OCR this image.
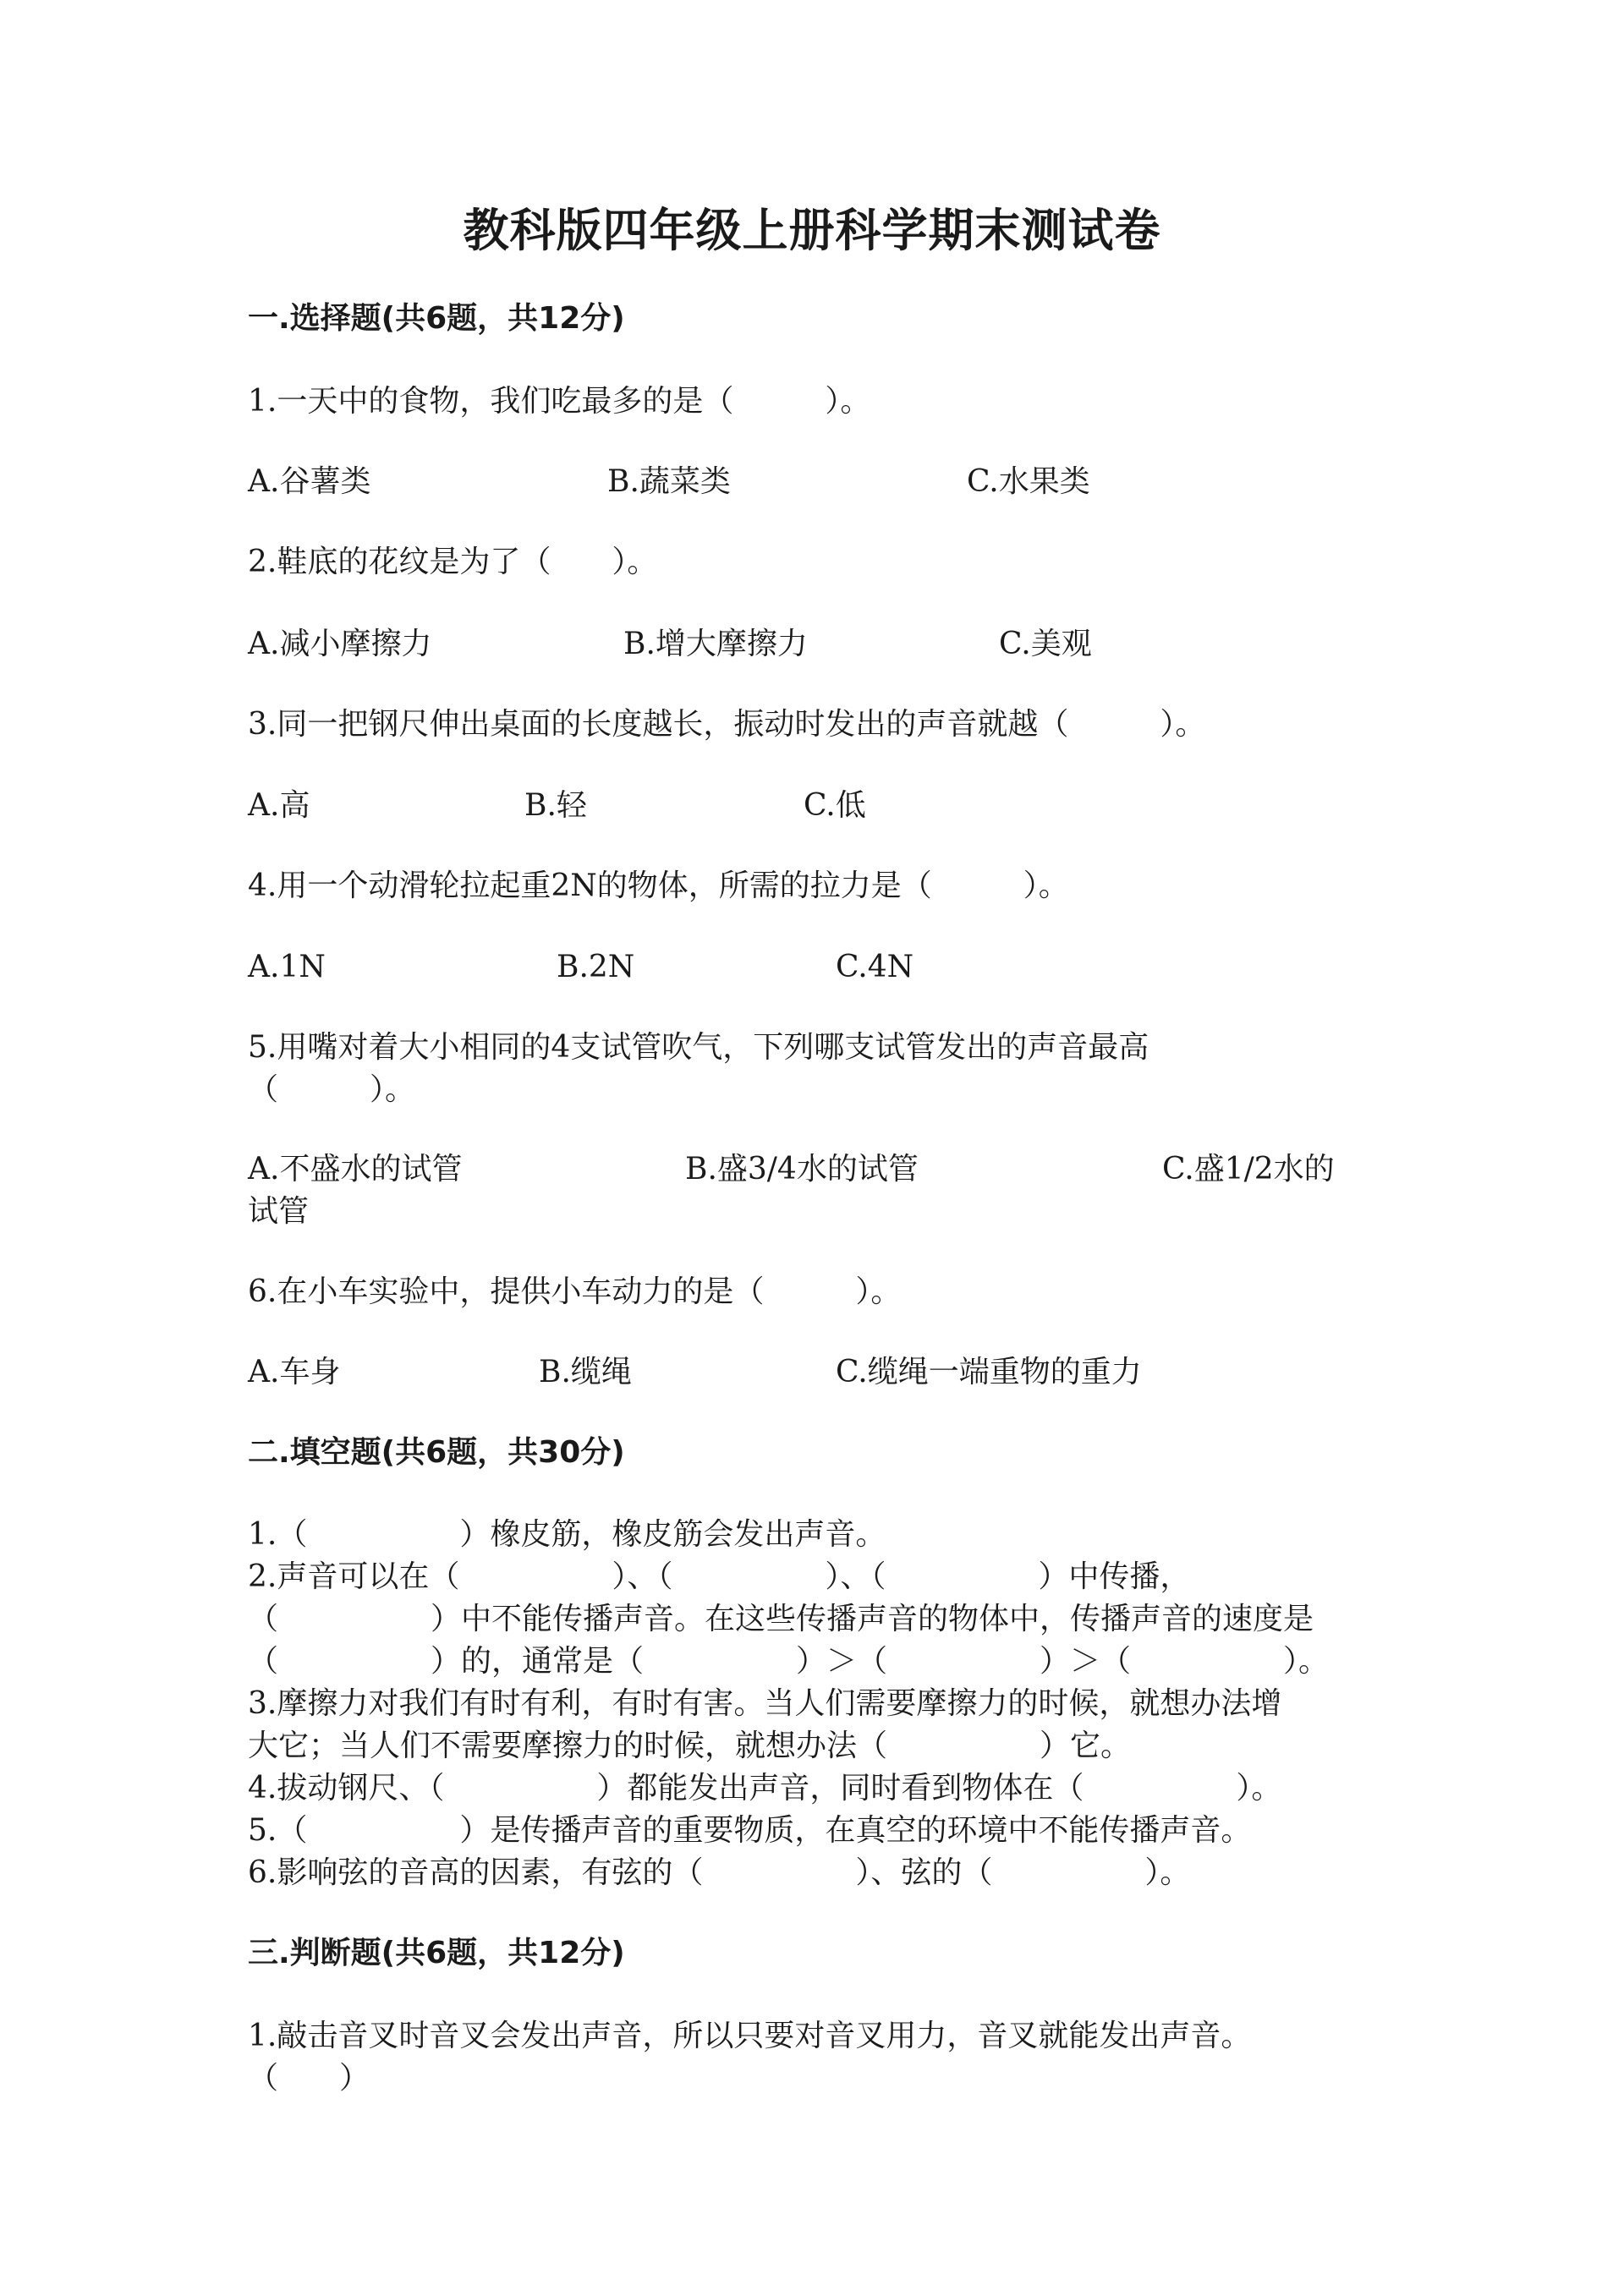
教科版四年级上册科学期末测试卷
一.选择题(共6题，共12分)
1.一天中的食物，我们吃最多的是（　　　）。
A.谷薯类	B.蔬菜类	C.水果类
2.鞋底的花纹是为了（　　）。
A.减小摩擦力	B.增大摩擦力	C.美观
3.同一把钢尺伸出桌面的长度越长，振动时发出的声音就越（　　　）。
A.高	B.轻	C.低
4.用一个动滑轮拉起重2N的物体，所需的拉力是（　　　）。
A.1N	B.2N	C.4N
5.用嘴对着大小相同的4支试管吹气，下列哪支试管发出的声音最高
（　　　）。
A.不盛水的试管	B.盛3/4水的试管	C.盛1/2水的
试管
6.在小车实验中，提供小车动力的是（　　　）。
A.车身	B.缆绳	C.缆绳一端重物的重力
二.填空题(共6题，共30分)
1.（　　　　　）橡皮筋，橡皮筋会发出声音。
2.声音可以在（　　　　　）、（　　　　　）、（　　　　　）中传播，
（　　　　　）中不能传播声音。在这些传播声音的物体中，传播声音的速度是
（　　　　　）的，通常是（　　　　　）＞（　　　　　）＞（　　　　　）。
3.摩擦力对我们有时有利，有时有害。当人们需要摩擦力的时候，就想办法增
大它；当人们不需要摩擦力的时候，就想办法（　　　　　）它。
4.拔动钢尺、（　　　　　）都能发出声音，同时看到物体在（　　　　　）。
5.（　　　　　）是传播声音的重要物质，在真空的环境中不能传播声音。
6.影响弦的音高的因素，有弦的（　　　　　）、弦的（　　　　　）。
三.判断题(共6题，共12分)
1.敲击音叉时音叉会发出声音，所以只要对音叉用力，音叉就能发出声音。
（　　）
